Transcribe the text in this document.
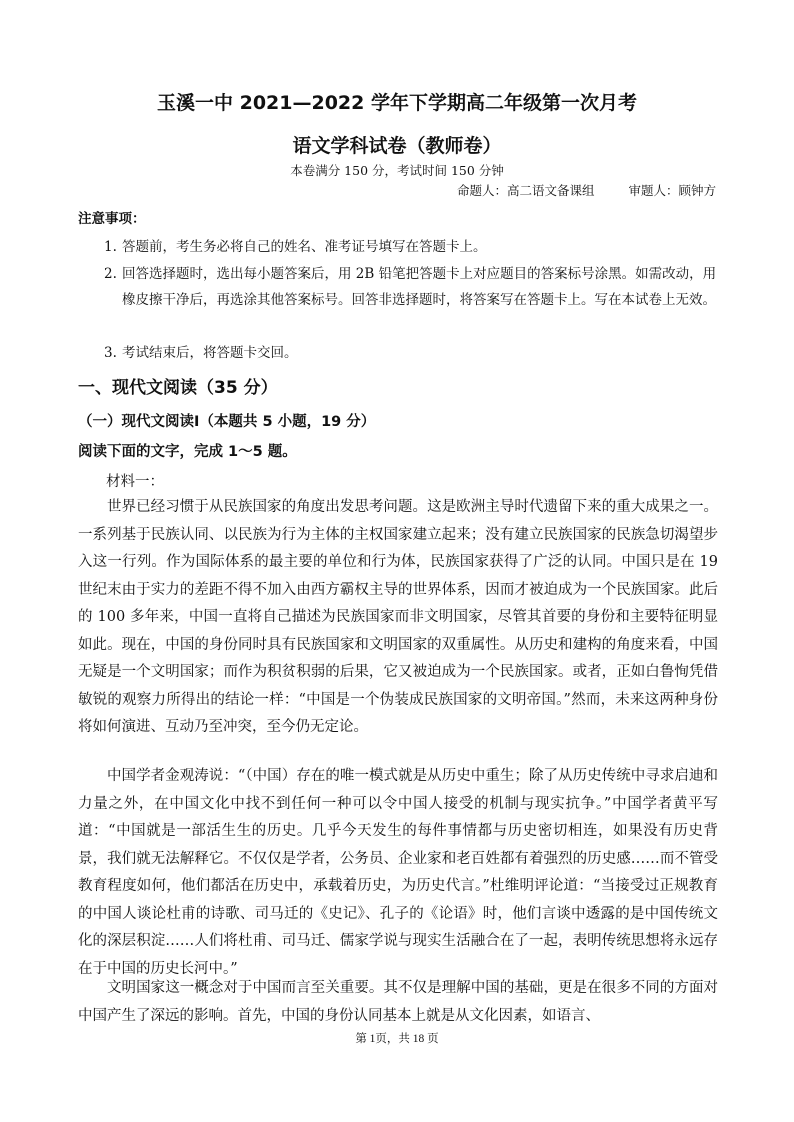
玉溪一中 2021—2022 学年下学期高二年级第一次月考
语文学科试卷（教师卷）
本卷满分 150 分，考试时间 150 分钟
命题人：高二语文备课组	审题人：顾钟方
注意事项：
1. 答题前，考生务必将自己的姓名、准考证号填写在答题卡上。
2. 回答选择题时，选出每小题答案后，用 2B 铅笔把答题卡上对应题目的答案标号涂黑。如需改动，用橡皮擦干净后，再选涂其他答案标号。回答非选择题时，将答案写在答题卡上。写在本试卷上无效。
3. 考试结束后，将答题卡交回。
一、现代文阅读（35 分）
（一）现代文阅读Ⅰ（本题共 5 小题，19 分）
阅读下面的文字，完成 1～5 题。
材料一：

世界已经习惯于从民族国家的角度出发思考问题。这是欧洲主导时代遗留下来的重大成果之一。一系列基于民族认同、以民族为行为主体的主权国家建立起来；没有建立民族国家的民族急切渴望步入这一行列。作为国际体系的最主要的单位和行为体，民族国家获得了广泛的认同。中国只是在 19 世纪末由于实力的差距不得不加入由西方霸权主导的世界体系，因而才被迫成为一个民族国家。此后的 100 多年来，中国一直将自己描述为民族国家而非文明国家，尽管其首要的身份和主要特征明显如此。现在，中国的身份同时具有民族国家和文明国家的双重属性。从历史和建构的角度来看，中国无疑是一个文明国家；而作为积贫积弱的后果，它又被迫成为一个民族国家。或者，正如白鲁恂凭借敏锐的观察力所得出的结论一样：“中国是一个伪装成民族国家的文明帝国。”然而，未来这两种身份将如何演进、互动乃至冲突，至今仍无定论。

中国学者金观涛说：“（中国）存在的唯一模式就是从历史中重生；除了从历史传统中寻求启迪和力量之外，在中国文化中找不到任何一种可以令中国人接受的机制与现实抗争。”中国学者黄平写道：“中国就是一部活生生的历史。几乎今天发生的每件事情都与历史密切相连，如果没有历史背景，我们就无法解释它。不仅仅是学者，公务员、企业家和老百姓都有着强烈的历史感……而不管受教育程度如何，他们都活在历史中，承载着历史，为历史代言。”杜维明评论道：“当接受过正规教育的中国人谈论杜甫的诗歌、司马迁的《史记》、孔子的《论语》时，他们言谈中透露的是中国传统文化的深层积淀……人们将杜甫、司马迁、儒家学说与现实生活融合在了一起，表明传统思想将永远存在于中国的历史长河中。”

文明国家这一概念对于中国而言至关重要。其不仅是理解中国的基础，更是在很多不同的方面对中国产生了深远的影响。首先，中国的身份认同基本上就是从文化因素，如语言、

第 1页，共 18 页
